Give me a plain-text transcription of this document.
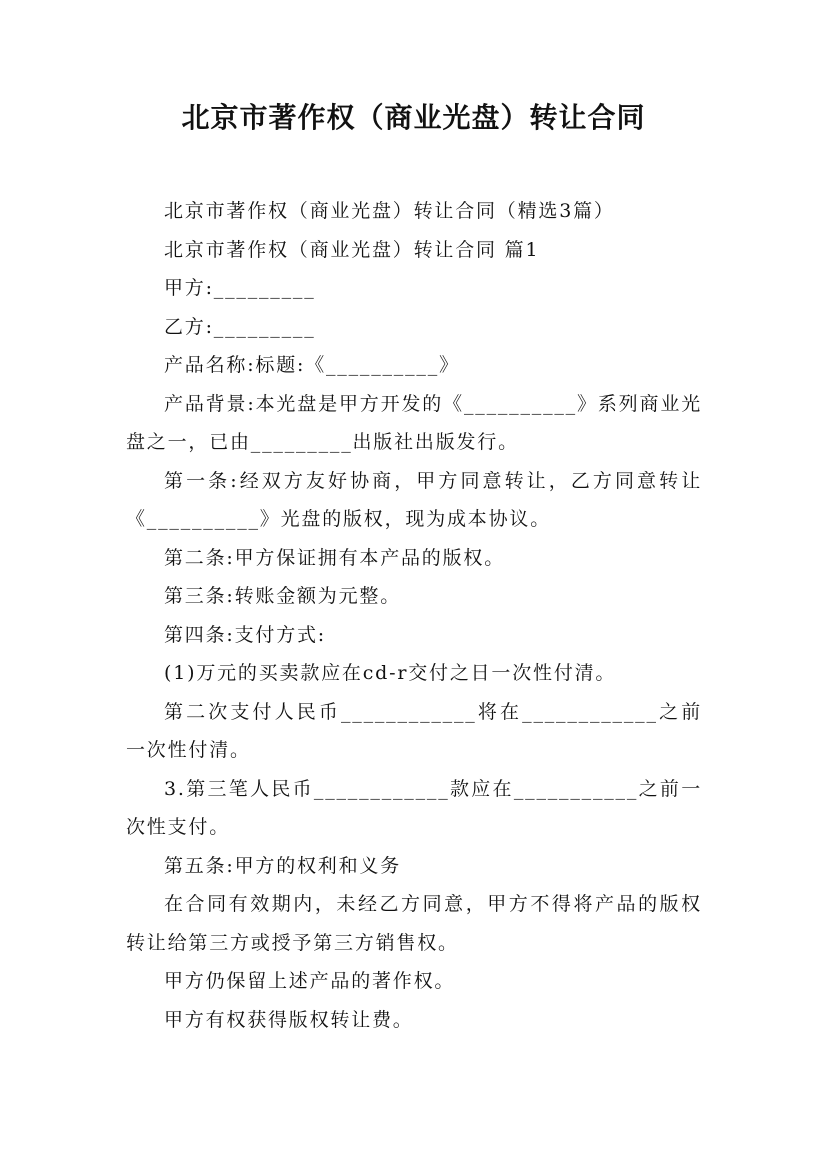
北京市著作权（商业光盘）转让合同

北京市著作权（商业光盘）转让合同（精选3篇）

北京市著作权（商业光盘）转让合同 篇1

甲方:_________

乙方:_________

产品名称:标题:《__________》

产品背景:本光盘是甲方开发的《__________》系列商业光盘之一，已由_________出版社出版发行。

第一条:经双方友好协商，甲方同意转让，乙方同意转让《__________》光盘的版权，现为成本协议。

第二条:甲方保证拥有本产品的版权。

第三条:转账金额为元整。

第四条:支付方式:

(1)万元的买卖款应在cd-r交付之日一次性付清。

第二次支付人民币____________将在____________之前一次性付清。

3.第三笔人民币____________款应在___________之前一次性支付。

第五条:甲方的权利和义务

在合同有效期内，未经乙方同意，甲方不得将产品的版权转让给第三方或授予第三方销售权。

甲方仍保留上述产品的著作权。

甲方有权获得版权转让费。
